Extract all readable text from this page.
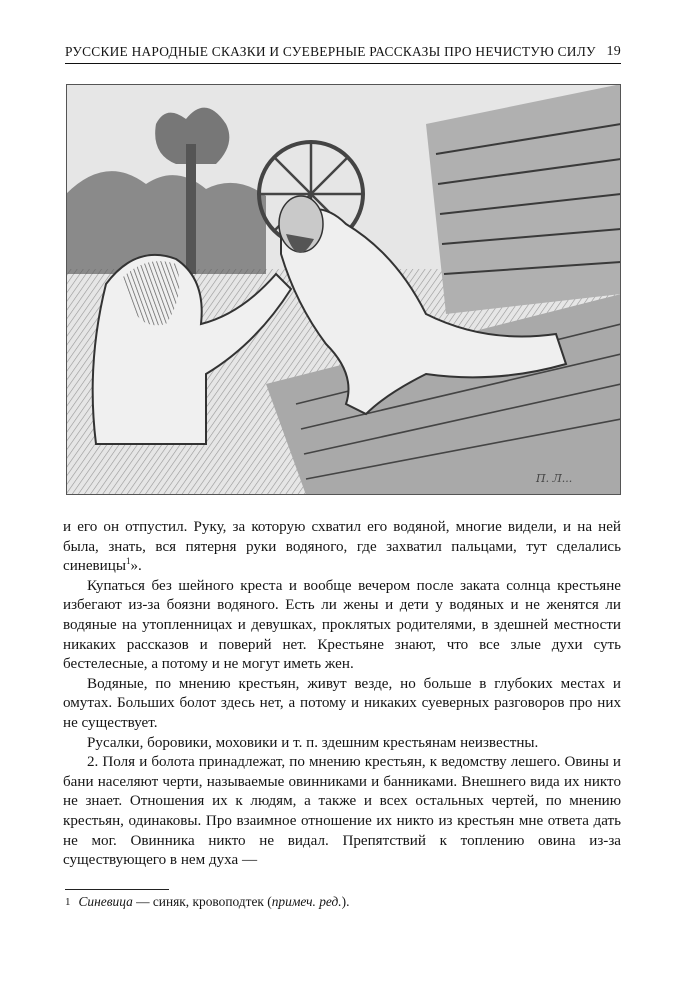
РУССКИЕ НАРОДНЫЕ СКАЗКИ И СУЕВЕРНЫЕ РАССКАЗЫ ПРО НЕЧИСТУЮ СИЛУ 19
П. Л...

и его он отпустил. Руку, за которую схватил его водяной, многие видели, и на ней была, знать, вся пятерня руки водяного, где захватил пальцами, тут сделались синевицы$^1$».

Купаться без шейного креста и вообще вечером после заката солнца крестьяне избегают из-за боязни водяного. Есть ли жены и дети у водяных и не женятся ли водяные на утопленницах и девушках, проклятых родителями, в здешней местности никаких рассказов и поверий нет. Крестьяне знают, что все злые духи суть бестелесные, а потому и не могут иметь жен.

Водяные, по мнению крестьян, живут везде, но больше в глубоких местах и омутах. Больших болот здесь нет, а потому и никаких суеверных разговоров про них не существует.

Русалки, боровики, моховики и т. п. здешним крестьянам неизвестны.

2. Поля и болота принадлежат, по мнению крестьян, к ведомству лешего. Овины и бани населяют черти, называемые овинниками и банниками. Внешнего вида их никто не знает. Отношения их к людям, а также и всех остальных чертей, по мнению крестьян, одинаковы. Про взаимное отношение их никто из крестьян мне ответа дать не мог. Овинника никто не видал. Препятствий к топлению овина из-за существующего в нем духа —

1 Синевица — синяк, кровоподтек (примеч. ред.).
